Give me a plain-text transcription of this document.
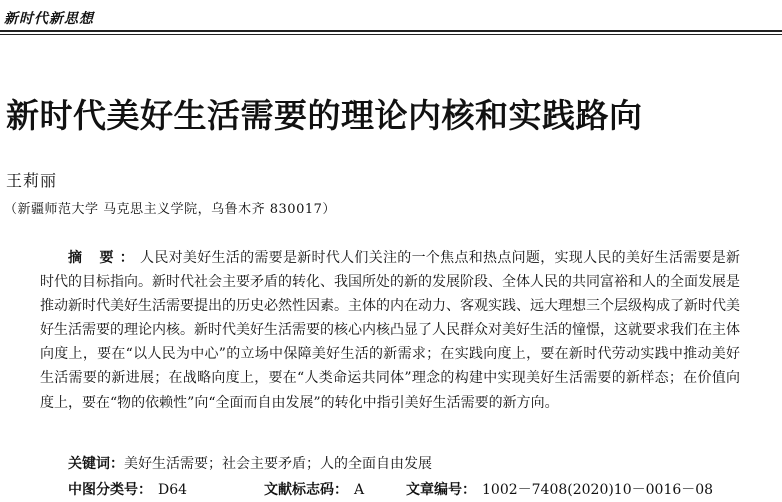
新时代新思想
新时代美好生活需要的理论内核和实践路向
王莉丽
（新疆师范大学 马克思主义学院，乌鲁木齐 830017）

摘 要：人民对美好生活的需要是新时代人们关注的一个焦点和热点问题，实现人民的美好生活需要是新时代的目标指向。新时代社会主要矛盾的转化、我国所处的新的发展阶段、全体人民的共同富裕和人的全面发展是推动新时代美好生活需要提出的历史必然性因素。主体的内在动力、客观实践、远大理想三个层级构成了新时代美好生活需要的理论内核。新时代美好生活需要的核心内核凸显了人民群众对美好生活的憧憬，这就要求我们在主体向度上，要在“以人民为中心”的立场中保障美好生活的新需求；在实践向度上，要在新时代劳动实践中推动美好生活需要的新进展；在战略向度上，要在“人类命运共同体”理念的构建中实现美好生活需要的新样态；在价值向度上，要在“物的依赖性”向“全面而自由发展”的转化中指引美好生活需要的新方向。

关键词：美好生活需要；社会主要矛盾；人的全面自由发展
中图分类号： D64	文献标志码： A	文章编号： 1002－7408(2020)10－0016－08
